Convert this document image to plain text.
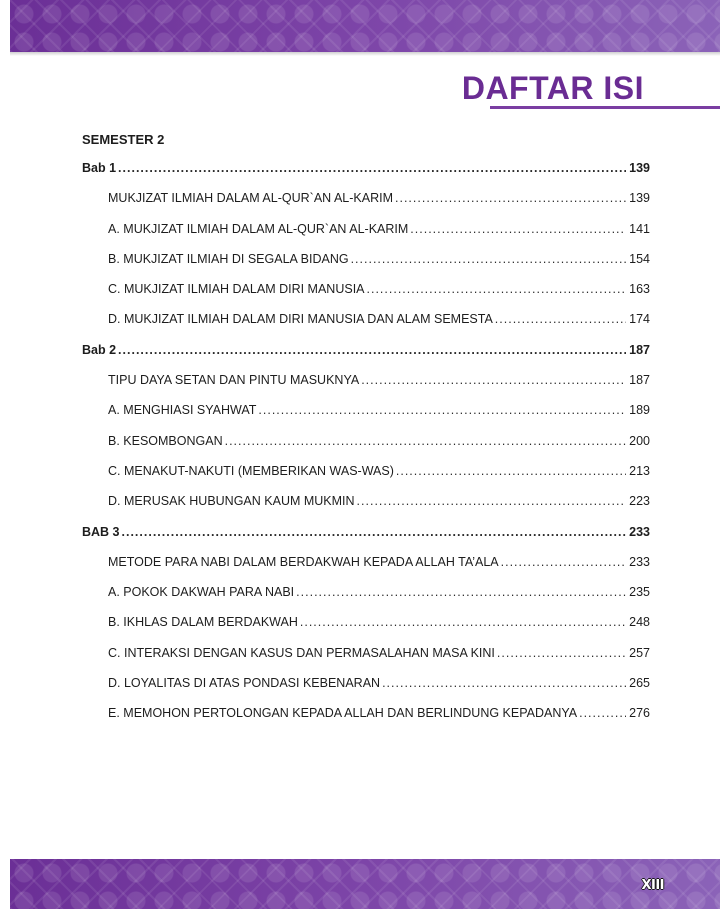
DAFTAR ISI
SEMESTER 2
Bab 1 .....	139
MUKJIZAT ILMIAH DALAM AL-QUR`AN AL-KARIM .....	139
A. MUKJIZAT ILMIAH DALAM AL-QUR`AN AL-KARIM .....	141
B. MUKJIZAT ILMIAH DI SEGALA BIDANG .....	154
C. MUKJIZAT ILMIAH DALAM DIRI MANUSIA .....	163
D. MUKJIZAT ILMIAH DALAM DIRI MANUSIA DAN ALAM SEMESTA .....	174
Bab 2 .....	187
TIPU DAYA SETAN DAN PINTU MASUKNYA .....	187
A. MENGHIASI SYAHWAT .....	189
B. KESOMBONGAN .....	200
C. MENAKUT-NAKUTI (MEMBERIKAN WAS-WAS) .....	213
D. MERUSAK HUBUNGAN KAUM MUKMIN .....	223
BAB 3 .....	233
METODE PARA NABI DALAM BERDAKWAH KEPADA ALLAH TA’ALA .....	233
A. POKOK DAKWAH PARA NABI .....	235
B. IKHLAS DALAM BERDAKWAH .....	248
C. INTERAKSI DENGAN KASUS DAN PERMASALAHAN MASA KINI .....	257
D. LOYALITAS DI ATAS PONDASI KEBENARAN .....	265
E. MEMOHON PERTOLONGAN KEPADA ALLAH DAN BERLINDUNG KEPADANYA .....	276
XIII
